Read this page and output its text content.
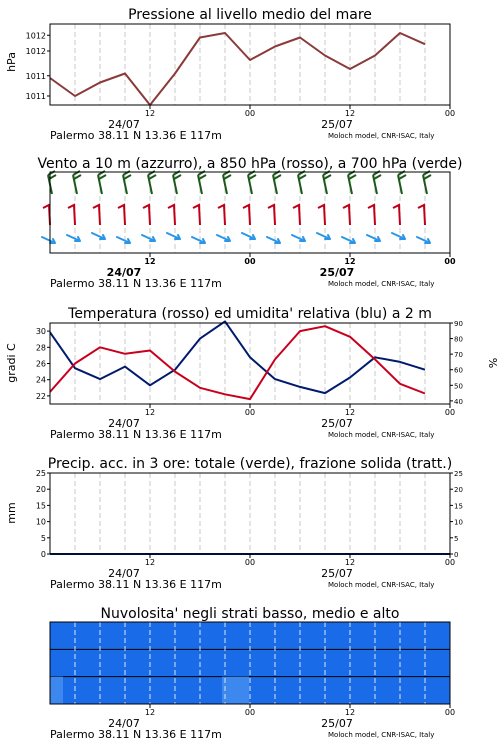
Pressione al livello medio del mare
hPa
1011
1011
1012
1012
12	00	12	00
24/07	25/07
Palermo 38.11 N 13.36 E 117m	Moloch model, CNR-ISAC, Italy
Vento a 10 m (azzurro), a 850 hPa (rosso), a 700 hPa (verde)
12	00	12	00
24/07	25/07
Palermo 38.11 N 13.36 E 117m	Moloch model, CNR-ISAC, Italy
Temperatura (rosso) ed umidita' relativa (blu) a 2 m
gradi C	%
22
24
26
28
30
40
50
60
70
80
90
12	00	12	00
24/07	25/07
Palermo 38.11 N 13.36 E 117m	Moloch model, CNR-ISAC, Italy
Precip. acc. in 3 ore: totale (verde), frazione solida (tratt.)
mm
0
5
10
15
20
25
0
5
10
15
20
25
12	00	12	00
24/07	25/07
Palermo 38.11 N 13.36 E 117m	Moloch model, CNR-ISAC, Italy
Nuvolosita' negli strati basso, medio e alto
12	00	12	00
24/07	25/07
Palermo 38.11 N 13.36 E 117m	Moloch model, CNR-ISAC, Italy
